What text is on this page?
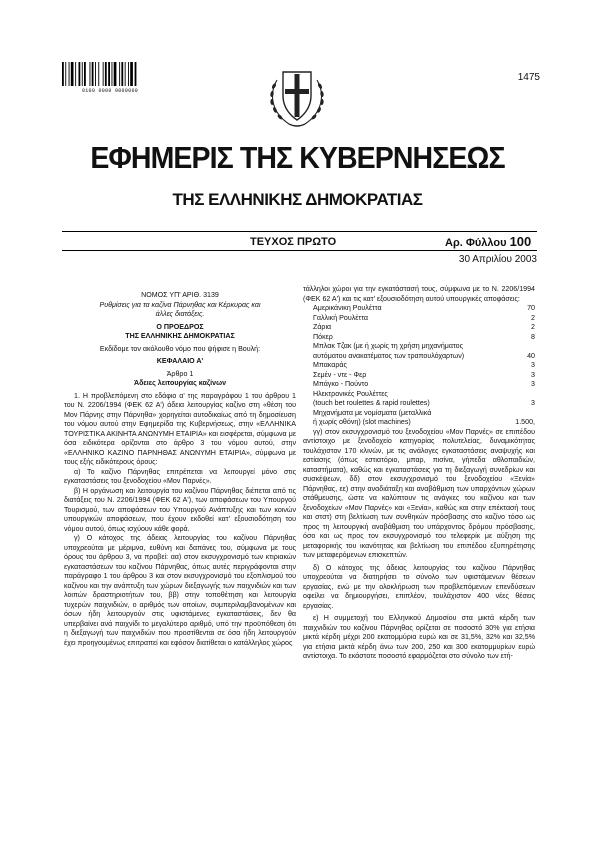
0100 0000 0000000
1475
ΕΦΗΜΕΡΙΣ ΤΗΣ ΚΥΒΕΡΝΗΣΕΩΣ
ΤΗΣ ΕΛΛΗΝΙΚΗΣ ΔΗΜΟΚΡΑΤΙΑΣ
ΤΕΥΧΟΣ ΠΡΩΤΟ	Αρ. Φύλλου 100
30 Απριλίου 2003

ΝΟΜΟΣ ΥΠ' ΑΡΙΘ. 3139

Ρυθμίσεις για τα καζίνα Πάρνηθας και Κέρκυρας και

άλλες διατάξεις.

Ο ΠΡΟΕΔΡΟΣ

ΤΗΣ ΕΛΛΗΝΙΚΗΣ ΔΗΜΟΚΡΑΤΙΑΣ

Εκδίδομε τον ακόλουθο νόμο που ψήφισε η Βουλή:

ΚΕΦΑΛΑΙΟ Α'

Άρθρο 1

Άδειες λειτουργίας καζίνων

1. Η προβλεπόμενη στο εδάφιο α' της παραγράφου 1 του άρθρου 1 του Ν. 2206/1994 (ΦΕΚ 62 Α') άδεια λειτουργίας καζίνο στη «θέση του Μον Πάρνης στην Πάρνηθα» χορηγείται αυτοδικαίως από τη δημοσίευση του νόμου αυτού στην Εφημερίδα της Κυβερνήσεως, στην «ΕΛΛΗΝΙΚΑ ΤΟΥΡΙΣΤΙΚΑ ΑΚΙΝΗΤΑ ΑΝΩΝΥΜΗ ΕΤΑΙΡΙΑ» και εισφέρεται, σύμφωνα με όσα ειδικότερα ορίζονται στο άρθρο 3 του νόμου αυτού, στην «ΕΛΛΗΝΙΚΟ ΚΑΖΙΝΟ ΠΑΡΝΗΘΑΣ ΑΝΩΝΥΜΗ ΕΤΑΙΡΙΑ», σύμφωνα με τους εξής ειδικότερους όρους:

α) Το καζίνο Πάρνηθας επιτρέπεται να λειτουργεί μόνο στις εγκαταστάσεις του ξενοδοχείου «Μον Παρνές».

β) Η οργάνωση και λειτουργία του καζίνου Πάρνηθας διέπεται από τις διατάξεις του Ν. 2206/1994 (ΦΕΚ 62 Α'), των αποφάσεων του Υπουργού Τουρισμού, των αποφάσεων του Υπουργού Ανάπτυξης και των κοινών υπουργικών αποφάσεων, που έχουν εκδοθεί κατ' εξουσιοδότηση του νόμου αυτού, όπως ισχύουν κάθε φορά.

γ) Ο κάτοχος της άδειας λειτουργίας του καζίνου Πάρνηθας υποχρεούται με μέριμνα, ευθύνη και δαπάνες του, σύμφωνα με τους όρους του άρθρου 3, να προβεί: αα) στον εκσυγχρονισμό των κτιριακών εγκαταστάσεων του καζίνου Πάρνηθας, όπως αυτές περιγράφονται στην παράγραφο 1 του άρθρου 3 και στον εκσυγχρονισμό του εξοπλισμού του καζίνου και την ανάπτυξη των χώρων διεξαγωγής των παιχνιδιών και των λοιπών δραστηριοτήτων του, ββ) στην τοποθέτηση και λειτουργία τυχερών παιχνιδιών, ο αριθμός των οποίων, συμπεριλαμβανομένων και όσων ήδη λειτουργούν στις υφιστάμενες εγκαταστάσεις, δεν θα υπερβαίνει ανά παιχνίδι το μεγαλύτερο αριθμό, υπό την προϋπόθεση ότι η διεξαγωγή των παιχνιδιών που προστίθενται σε όσα ήδη λειτουργούν έχει προηγουμένως επιτραπεί και εφόσον διατίθεται ο κατάλληλος χώρος

τάλληλοι χώροι για την εγκατάστασή τους, σύμφωνα με το Ν. 2206/1994 (ΦΕΚ 62 Α') και τις κατ' εξουσιοδότηση αυτού υπουργικές αποφάσεις:

Αμερικάνικη Ρουλέττα	70
Γαλλική Ρουλέττα	2
Ζάρια	2
Πόκερ	8
Μπλακ Τζακ (με ή χωρίς τη χρήση μηχανήματος
αυτόματου ανακατέματος των τραπουλόχαρτων)	40
Μπακαράς	3
Σεμέν - ντε - Φερ	3
Μπάγκο - Πούντο	3
Ηλεκτρονικές Ρουλέττες
(touch bet roulettes & rapid roulettes)	3
Μηχανήματα με νομίσματα (μεταλλικά
ή χωρίς οθόνη) (slot machines)	1.500,

γγ) στον εκσυγχρονισμό του ξενοδοχείου «Μον Παρνές» σε επιπέδου αντίστοιχο με ξενοδοχείο κατηγορίας πολυτελείας, δυναμικότητας τουλάχιστον 170 κλινών, με τις ανάλογες εγκαταστάσεις αναψυχής και εστίασης (όπως εστιατόριο, μπαρ, πισίνα, γήπεδα αθλοπαιδιών, καταστήματα), καθώς και εγκαταστάσεις για τη διεξαγωγή συνεδρίων και συσκέψεων, δδ) στον εκσυγχρονισμό του ξενοδοχείου «Ξενία» Πάρνηθας, εε) στην αναδιάταξη και αναβάθμιση των υπαρχόντων χώρων στάθμευσης, ώστε να καλύπτουν τις ανάγκες του καζίνου και των ξενοδοχείων «Μον Παρνές» και «Ξενία», καθώς και στην επέκτασή τους και στστ) στη βελτίωση των συνθηκών πρόσβασης στο καζίνο τόσο ως προς τη λειτουργική αναβάθμιση του υπάρχοντος δρόμου πρόσβασης, όσο και ως προς τον εκσυγχρονισμό του τελεφερίκ με αύξηση της μεταφορικής του ικανότητας και βελτίωση του επιπέδου εξυπηρέτησης των μεταφερόμενων επισκεπτών.

δ) Ο κάτοχος της άδειας λειτουργίας του καζίνου Πάρνηθας υποχρεούται να διατηρήσει το σύνολο των υφιστάμενων θέσεων εργασίας, ενώ με την ολοκλήρωση των προβλεπόμενων επενδύσεων οφείλει να δημιουργήσει, επιπλέον, τουλάχιστον 400 νέες θέσεις εργασίας.

ε) Η συμμετοχή του Ελληνικού Δημοσίου στα μικτά κέρδη των παιχνιδιών του καζίνου Πάρνηθας ορίζεται σε ποσοστό 30% για ετήσια μικτά κέρδη μέχρι 200 εκατομμύρια ευρώ και σε 31,5%, 32% και 32,5% για ετήσια μικτά κέρδη άνω των 200, 250 και 300 εκατομμυρίων ευρώ αντίστοιχα. Το εκάστοτε ποσοστό εφαρμόζεται στο σύνολο των ετή-
